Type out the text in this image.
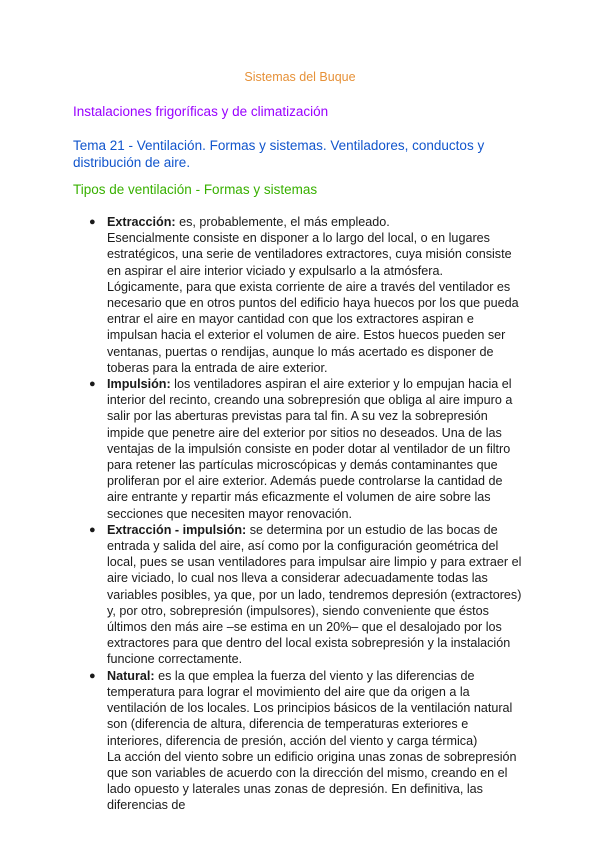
Sistemas del Buque
Instalaciones frigoríficas y de climatización
Tema 21 - Ventilación. Formas y sistemas. Ventiladores, conductos y distribución de aire.
Tipos de ventilación - Formas y sistemas
● Extracción: es, probablemente, el más empleado.
Esencialmente consiste en disponer a lo largo del local, o en lugares estratégicos, una serie de ventiladores extractores, cuya misión consiste en aspirar el aire interior viciado y expulsarlo a la atmósfera. Lógicamente, para que exista corriente de aire a través del ventilador es necesario que en otros puntos del edificio haya huecos por los que pueda entrar el aire en mayor cantidad con que los extractores aspiran e impulsan hacia el exterior el volumen de aire. Estos huecos pueden ser ventanas, puertas o rendijas, aunque lo más acertado es disponer de toberas para la entrada de aire exterior.
● Impulsión: los ventiladores aspiran el aire exterior y lo empujan hacia el interior del recinto, creando una sobrepresión que obliga al aire impuro a salir por las aberturas previstas para tal fin. A su vez la sobrepresión impide que penetre aire del exterior por sitios no deseados. Una de las ventajas de la impulsión consiste en poder dotar al ventilador de un filtro para retener las partículas microscópicas y demás contaminantes que proliferan por el aire exterior. Además puede controlarse la cantidad de aire entrante y repartir más eficazmente el volumen de aire sobre las secciones que necesiten mayor renovación.
● Extracción - impulsión: se determina por un estudio de las bocas de entrada y salida del aire, así como por la configuración geométrica del local, pues se usan ventiladores para impulsar aire limpio y para extraer el aire viciado, lo cual nos lleva a considerar adecuadamente todas las variables posibles, ya que, por un lado, tendremos depresión (extractores) y, por otro, sobrepresión (impulsores), siendo conveniente que éstos últimos den más aire –se estima en un 20%– que el desalojado por los extractores para que dentro del local exista sobrepresión y la instalación funcione correctamente.
● Natural: es la que emplea la fuerza del viento y las diferencias de temperatura para lograr el movimiento del aire que da origen a la ventilación de los locales. Los principios básicos de la ventilación natural son (diferencia de altura, diferencia de temperaturas exteriores e interiores, diferencia de presión, acción del viento y carga térmica)
La acción del viento sobre un edificio origina unas zonas de sobrepresión que son variables de acuerdo con la dirección del mismo, creando en el lado opuesto y laterales unas zonas de depresión. En definitiva, las diferencias de
